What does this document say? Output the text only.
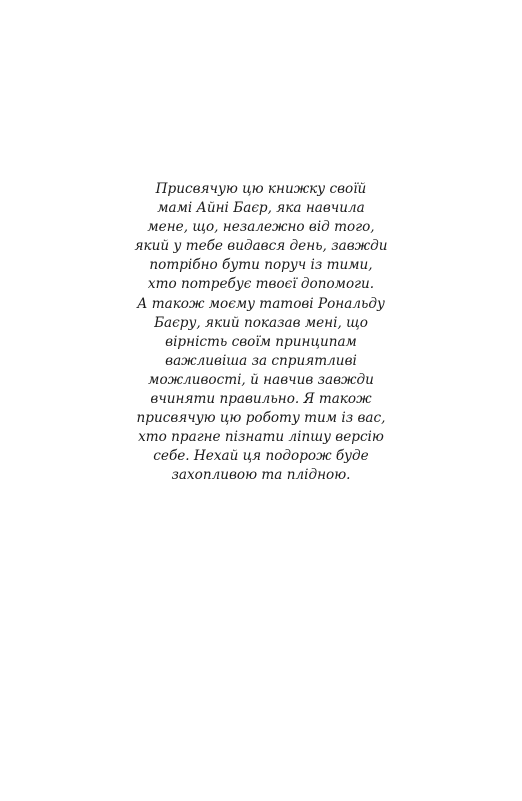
Присвячую цю книжку своїй
мамі Айні Баєр, яка навчила
мене, що, незалежно від того,
який у тебе видався день, завжди
потрібно бути поруч із тими,
хто потребує твоєї допомоги.
А також моєму татові Рональду
Баєру, який показав мені, що
вірність своїм принципам
важливіша за сприятливі
можливості, й навчив завжди
вчиняти правильно. Я також
присвячую цю роботу тим із вас,
хто прагне пізнати ліпшу версію
себе. Нехай ця подорож буде
захопливою та плідною.
